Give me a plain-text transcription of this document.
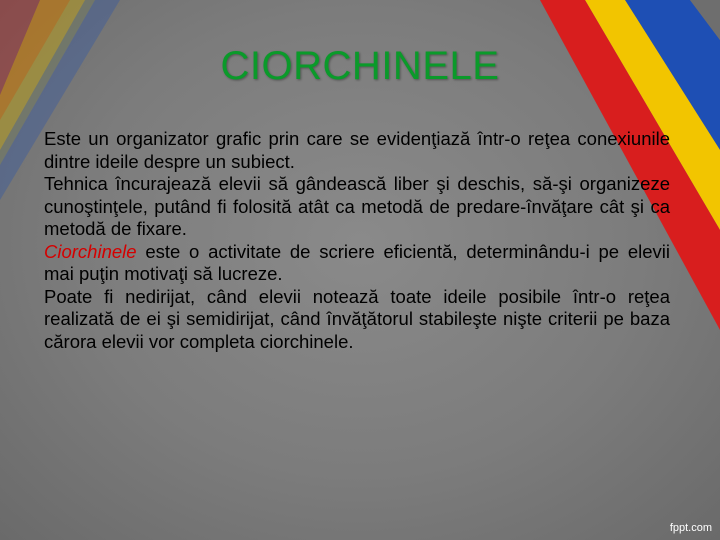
CIORCHINELE

Este un organizator grafic prin care se evidenţiază într-o reţea conexiunile dintre ideile despre un subiect.

Tehnica încurajează elevii să gândească liber şi deschis, să-şi organizeze cunoştinţele, putând fi folosită atât ca metodă de predare-învăţare cât şi ca metodă de fixare.

Ciorchinele este o activitate de scriere eficientă, determinându-i pe elevii mai puţin motivaţi să lucreze.

Poate fi nedirijat, când elevii notează toate ideile posibile într-o reţea realizată de ei şi semidirijat, când învăţătorul stabileşte nişte criterii pe baza cărora elevii vor completa ciorchinele.

fppt.com
